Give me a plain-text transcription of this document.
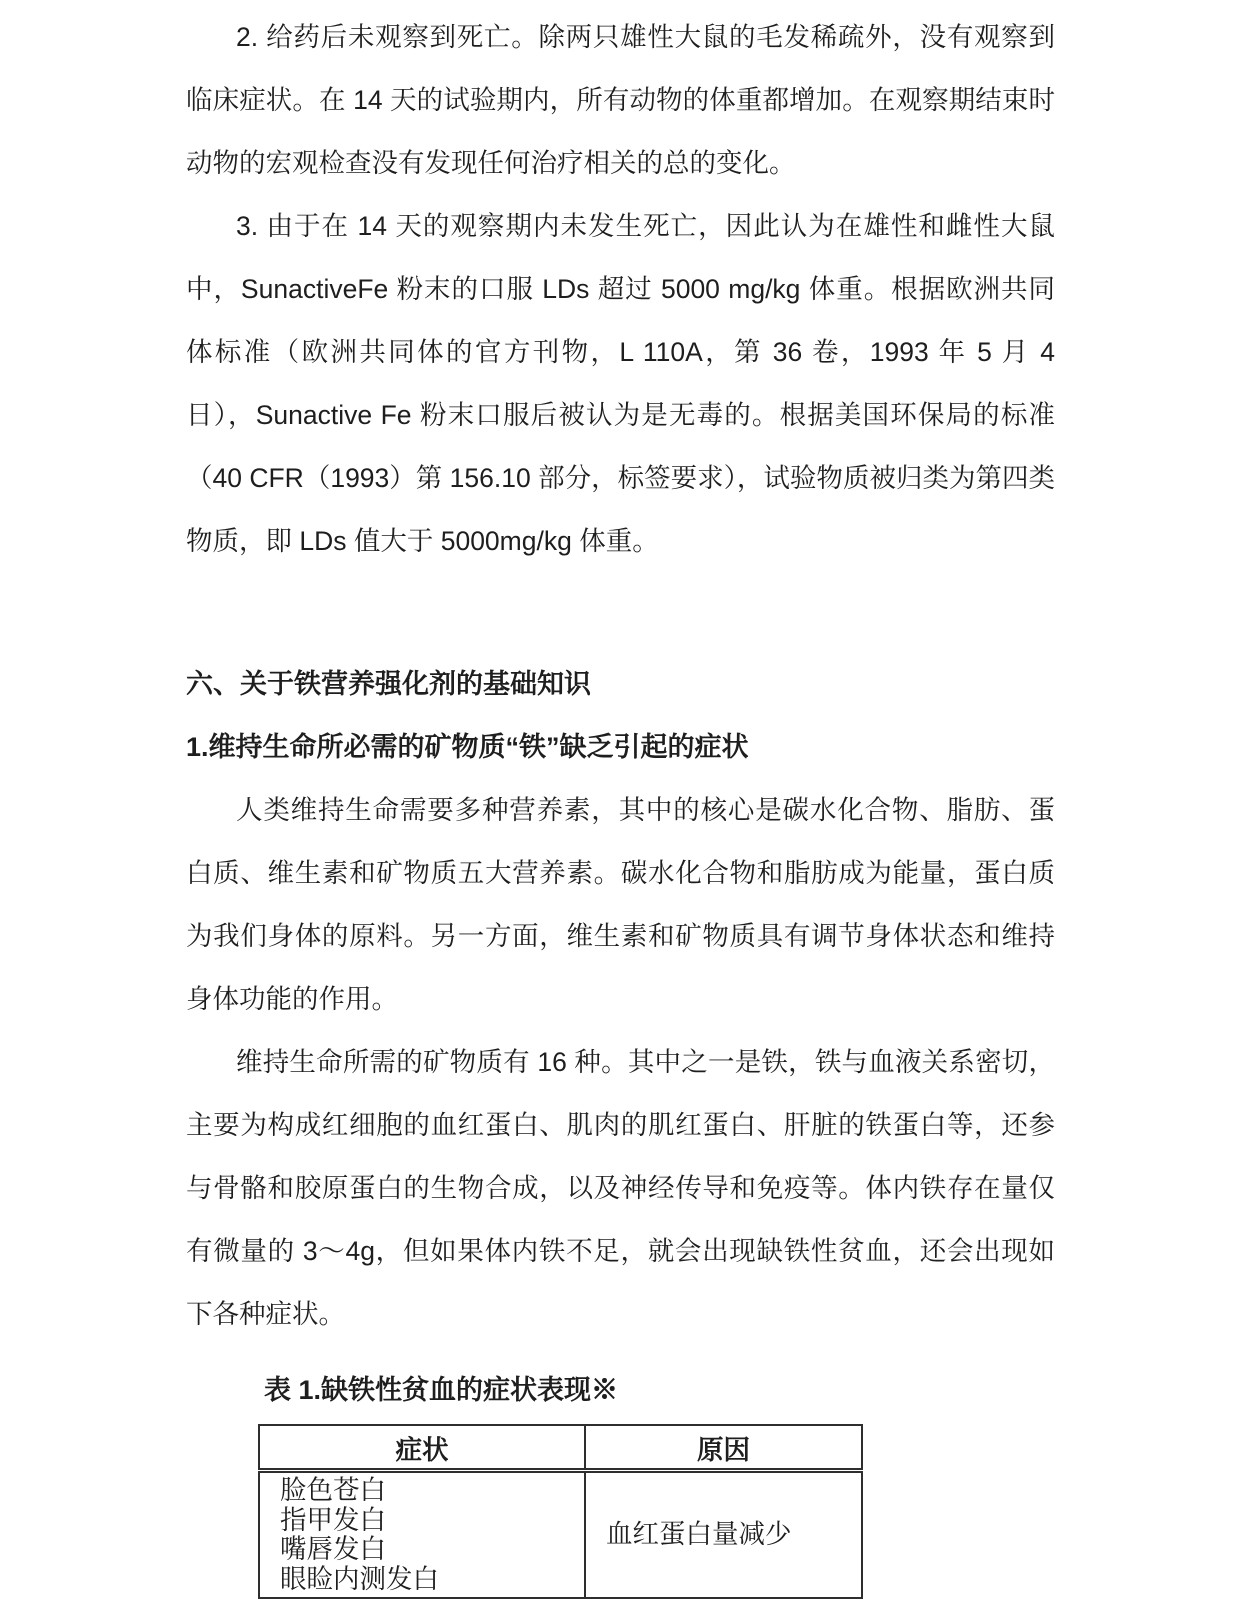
2. 给药后未观察到死亡。除两只雄性大鼠的毛发稀疏外，没有观察到临床症状。在 14 天的试验期内，所有动物的体重都增加。在观察期结束时动物的宏观检查没有发现任何治疗相关的总的变化。

3. 由于在 14 天的观察期内未发生死亡，因此认为在雄性和雌性大鼠中，SunactiveFe 粉末的口服 LDs 超过 5000 mg/kg 体重。根据欧洲共同体标准（欧洲共同体的官方刊物，L 110A，第 36 卷，1993 年 5 月 4 日），Sunactive Fe 粉末口服后被认为是无毒的。根据美国环保局的标准（40 CFR（1993）第 156.10 部分，标签要求），试验物质被归类为第四类物质，即 LDs 值大于 5000mg/kg 体重。

六、关于铁营养强化剂的基础知识
1.维持生命所必需的矿物质“铁”缺乏引起的症状

人类维持生命需要多种营养素，其中的核心是碳水化合物、脂肪、蛋白质、维生素和矿物质五大营养素。碳水化合物和脂肪成为能量，蛋白质为我们身体的原料。另一方面，维生素和矿物质具有调节身体状态和维持身体功能的作用。

维持生命所需的矿物质有 16 种。其中之一是铁，铁与血液关系密切，主要为构成红细胞的血红蛋白、肌肉的肌红蛋白、肝脏的铁蛋白等，还参与骨骼和胶原蛋白的生物合成，以及神经传导和免疫等。体内铁存在量仅有微量的 3～4g，但如果体内铁不足，就会出现缺铁性贫血，还会出现如下各种症状。

表 1.缺铁性贫血的症状表现※
症状	原因

脸色苍白
指甲发白
嘴唇发白
眼睑内测发白	血红蛋白量减少
